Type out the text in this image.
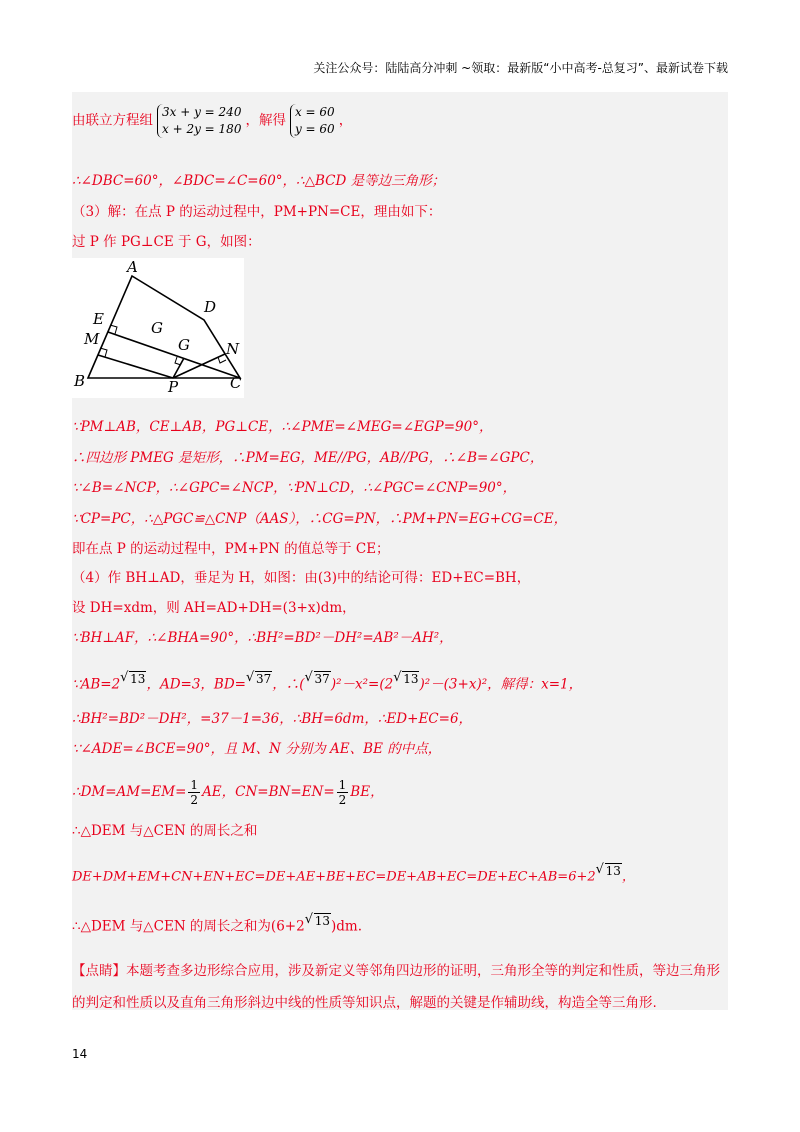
关注公众号：陆陆高分冲刺 ~领取：最新版“小中高考-总复习”、最新试卷下载
由联立方程组3x + y = 240
x + 2y = 180，解得x = 60
y = 60，
∴∠DBC=60°，∠BDC=∠C=60°，∴△BCD 是等边三角形；
（3）解：在点 P 的运动过程中，PM+PN=CE，理由如下：
过 P 作 PG⊥CE 于 G，如图：
A
D
E
M
G
G N
B	P	C
∵PM⊥AB，CE⊥AB，PG⊥CE，∴∠PME=∠MEG=∠EGP=90°，
∴四边形 PMEG 是矩形，∴PM=EG，ME//PG，AB//PG，∴∠B=∠GPC，
∵∠B=∠NCP，∴∠GPC=∠NCP，∵PN⊥CD，∴∠PGC=∠CNP=90°，
∵CP=PC，∴△PGC≌△CNP（AAS），∴CG=PN，∴PM+PN=EG+CG=CE，
即在点 P 的运动过程中，PM+PN 的值总等于 CE；
（4）作 BH⊥AD，垂足为 H，如图：由(3)中的结论可得：ED+EC=BH，
设 DH=xdm，则 AH=AD+DH=(3+x)dm，
∵BH⊥AF，∴∠BHA=90°，∴BH²=BD²－DH²=AB²－AH²，
∵AB=2 √ 13，AD=3，BD= √ 37，∴( √ 37)²－x²=(2 √ 13)²－(3+x)²，解得：x=1，
∴BH²=BD²－DH²，=37－1=36，∴BH=6dm，∴ED+EC=6，
∵∠ADE=∠BCE=90°，且 M、N 分别为 AE、BE 的中点，
∴DM=AM=EM= $\frac{1}{2}$ AE，$CN=BN=EN= \frac{1}{2}$ BE，
∴△DEM 与△CEN 的周长之和
DE+DM+EM+CN+EN+EC=DE+AE+BE+EC=DE+AB+EC=DE+EC+AB=6+2 √ 13，
∴△DEM 与△CEN 的周长之和为(6+2 √ 13)dm.
【点睛】本题考查多边形综合应用，涉及新定义等邻角四边形的证明，三角形全等的判定和性质，等边三角形的判定和性质以及直角三角形斜边中线的性质等知识点，解题的关键是作辅助线，构造全等三角形.
14
